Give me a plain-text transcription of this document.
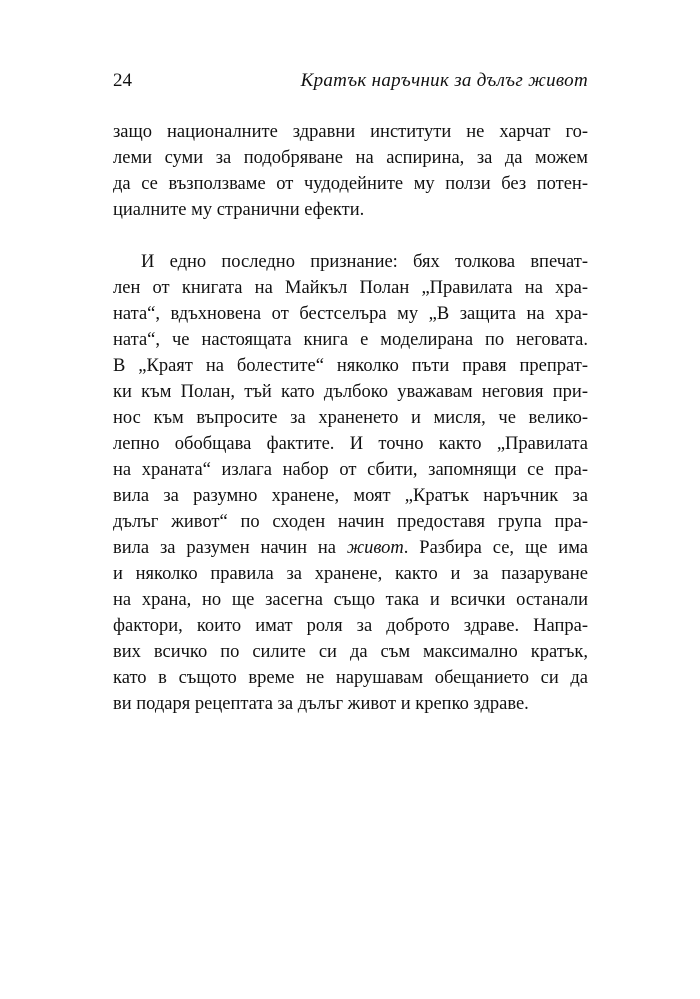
24	Кратък наръчник за дълъг живот
защо националните здравни институти не харчат го-
леми суми за подобряване на аспирина, за да можем
да се възползваме от чудодейните му ползи без потен-
циалните му странични ефекти.
И едно последно признание: бях толкова впечат-
лен от книгата на Майкъл Полан „Правилата на хра-
ната“, вдъхновена от бестселъра му „В защита на хра-
ната“, че настоящата книга е моделирана по неговата.
В „Краят на болестите“ няколко пъти правя препрат-
ки към Полан, тъй като дълбоко уважавам неговия при-
нос към въпросите за храненето и мисля, че велико-
лепно обобщава фактите. И точно както „Правилата
на храната“ излага набор от сбити, запомнящи се пра-
вила за разумно хранене, моят „Кратък наръчник за
дълъг живот“ по сходен начин предоставя група пра-
вила за разумен начин на живот. Разбира се, ще има
и няколко правила за хранене, както и за пазаруване
на храна, но ще засегна също така и всички останали
фактори, които имат роля за доброто здраве. Напра-
вих всичко по силите си да съм максимално кратък,
като в същото време не нарушавам обещанието си да
ви подаря рецептата за дълъг живот и крепко здраве.
